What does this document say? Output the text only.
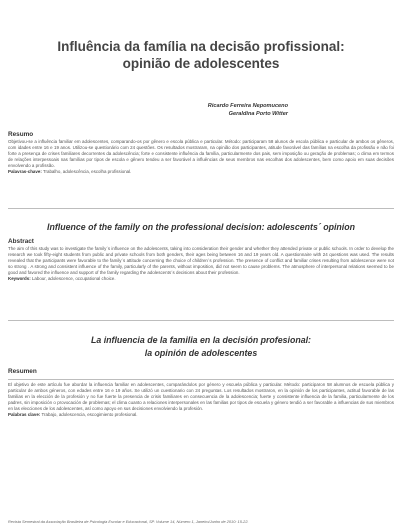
Influência da família na decisão profissional:
opinião de adolescentes
Ricardo Ferreira Nepomuceno
Geraldina Porto Witter
Resumo

Objetivou-se a influência familiar em adolescentes, comparando-os por gênero e escola pública e particular. Método: participaram 58 alunos de escola pública e particular de ambos os gêneros, com idades entre 16 e 19 anos. Utilizou-se questionário com 24 questões. Os resultados mostraram, na opinião dos participantes, atitude favorável das famílias na escolha da profissão e não foi forte a presença de crises familiares decorrentes da adolescência; forte e consistente influência da família, particularmente dos pais, sem imposição ou geração de problemas; o clima em termos de relações interpessoais nas famílias por tipos de escola e gênero tendeu a ser favorável a influências de seus membros nas escolhas dos adolescentes, bem como apoio em suas decisões envolvendo a profissão.
Palavras-chave: Trabalho, adolescência, escolha profissional.

Influence of the family on the professional decision: adolescents´ opinion
Abstract

The aim of this study was to investigate the family´s influence on the adolescents, taking into consideration their gender and whether they attended private or public schools. In order to develop the research we took fifty-eight students from public and private schools from both genders, their ages being between 16 and 19 years old. A questionnaire with 24 questions was used. The results revealed that the participants were favorable to the family´s attitude concerning the choice of children´s profession. The presence of conflict and familiar crises resulting from adolescence were not so strong . A strong and consistent influence of the family, particularly of the parents, without imposition, did not seem to cause problems. The atmosphere of interpersonal relations seemed to be good and favored the influence and support of the family regarding the adolescents´s decisions about their profession.
Keywords: Labour, adolescence, occupational choice.

La influencia de la familia en la decisión profesional:
la opinión de adolescentes
Resumen

El objetivo de este artículo fue abordar la influencia familiar en adolescentes, comparándolos por género y escuela pública y particular. Método: participaron 58 alumnos de escuela pública y particular de ambos géneros, con edades entre 16 e 19 años. Se utilizó un cuestionario con 24 preguntas. Los resultados mostraron, en la opinión de los participantes, actitud favorable de las familias en la elección de la profesión y no fue fuerte la presencia de crisis familiares en consecuencia de la adolescencia; fuerte y consistente influencia de la familia, particularmente de los padres, sin imposición o provocación de problemas; el clima cuanto a relaciones interpersonales en las familias por tipos de escuela y género tendió a ser favorable a influencias de sus miembros en las elecciones de los adolescentes, así como apoyo en sus decisiones envolviendo la profesión.
Palabras clave: Trabajo, adolescencia, escogimiento profesional.

Revista Semestral da Associação Brasileira de Psicologia Escolar e Educacional, SP. Volume 14, Número 1, Janeiro/Junho de 2010: 15-22.
